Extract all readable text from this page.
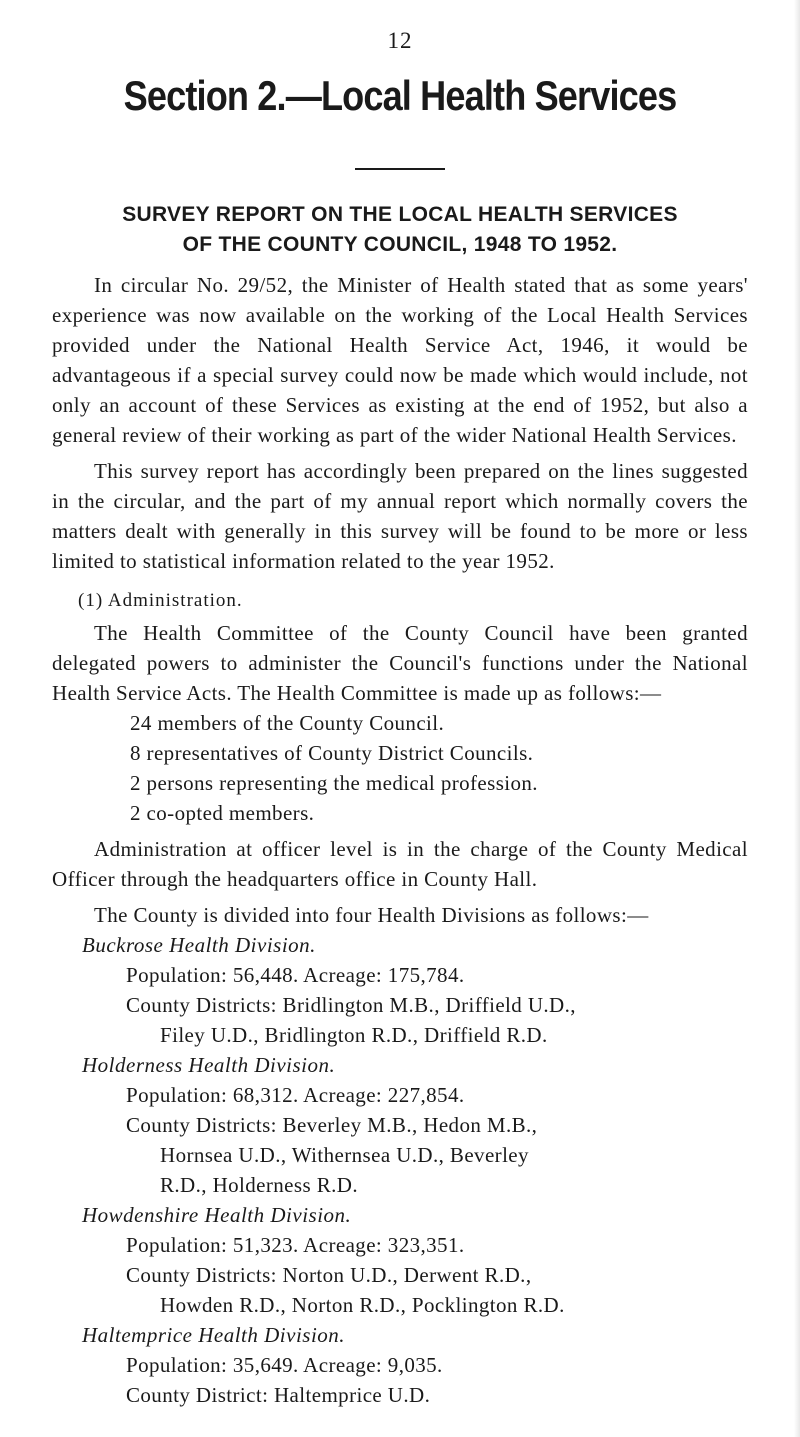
12
Section 2.—Local Health Services
SURVEY REPORT ON THE LOCAL HEALTH SERVICES
OF THE COUNTY COUNCIL, 1948 TO 1952.

In circular No. 29/52, the Minister of Health stated that as some years' experience was now available on the working of the Local Health Services provided under the National Health Service Act, 1946, it would be advantageous if a special survey could now be made which would include, not only an account of these Services as existing at the end of 1952, but also a general review of their working as part of the wider National Health Services.

This survey report has accordingly been prepared on the lines suggested in the circular, and the part of my annual report which normally covers the matters dealt with generally in this survey will be found to be more or less limited to statistical information related to the year 1952.

(1) Administration.

The Health Committee of the County Council have been granted delegated powers to administer the Council's functions under the National Health Service Acts. The Health Committee is made up as follows:—

24 members of the County Council.
8 representatives of County District Councils.
2 persons representing the medical profession.
2 co-opted members.

Administration at officer level is in the charge of the County Medical Officer through the headquarters office in County Hall.

The County is divided into four Health Divisions as follows:—

Buckrose Health Division.
Population: 56,448. Acreage: 175,784.
County Districts: Bridlington M.B., Driffield U.D.,
Filey U.D., Bridlington R.D., Driffield R.D.
Holderness Health Division.
Population: 68,312. Acreage: 227,854.
County Districts: Beverley M.B., Hedon M.B.,
Hornsea U.D., Withernsea U.D., Beverley
R.D., Holderness R.D.
Howdenshire Health Division.
Population: 51,323. Acreage: 323,351.
County Districts: Norton U.D., Derwent R.D.,
Howden R.D., Norton R.D., Pocklington R.D.
Haltemprice Health Division.
Population: 35,649. Acreage: 9,035.
County District: Haltemprice U.D.
